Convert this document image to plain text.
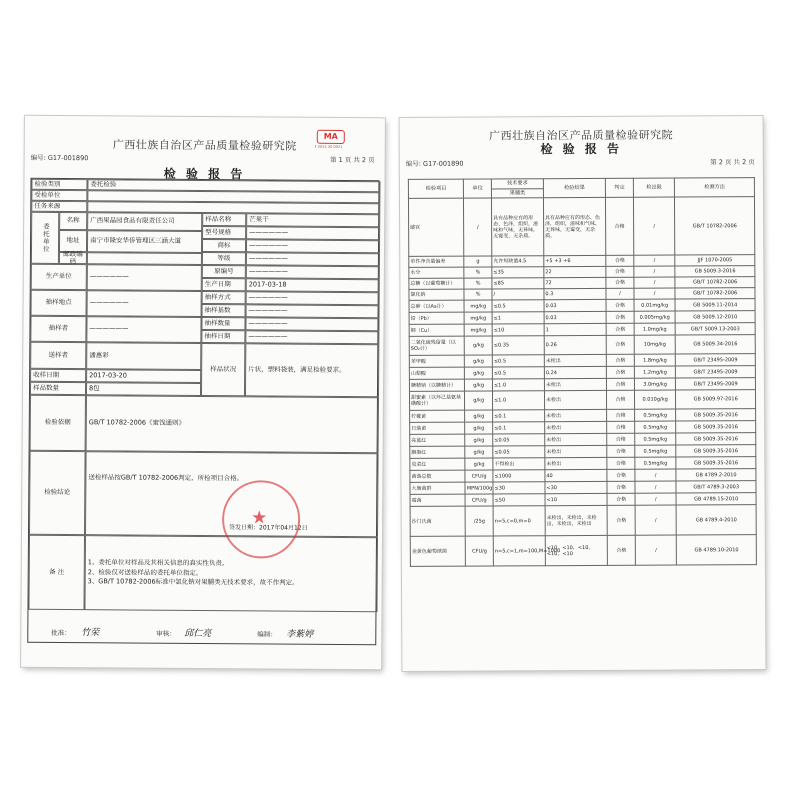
广西壮族自治区产品质量检验研究院
MA
F 2015 20 0021
编号: G17-001890	第 1 页 共 2 页
检 验 报 告
检验类别	委托检验
受检单位
任务来源
委托单位
名称	广西果晶园食品有限责任公司
地址	南宁市隆安华侨管理区三涵大道
邮政编码
样品名称	芒果干
型号规格	——————
商标	——————
等级	——————
生产单位	——————
原编号	——————
生产日期	2017-03-18
抽样地点	——————
抽样方式	——————
抽样基数	——————
抽样者	——————
抽样数量	——————
抽样日期	——————
送样者	潘惠彩
样品状况	片状，塑料袋装，满足检验要求。
收样日期	2017-03-20
样品数量	8包
检验依据	GB/T 10782-2006《蜜饯通则》
检验结论
送检样品按GB/T 10782-2006判定，所检项目合格。
签发日期：2017年04月12日
备 注
1、委托单位对样品及其相关信息的真实性负责。
2、检验仅对送检样品的委托单位指定。
3、GB/T 10782-2006标准中氯化钠对果脯类无技术要求，故不作判定。
★
批准： 竹荣	审核： 邱仁亮	编制： 李紫婷
广西壮族自治区产品质量检验研究院
检 验 报 告
编号: G17-001890	第 2 页 共 2 页
检验项目	单位	技术要求	检验结果	判定	检出限	检测方法
		果脯类				
感官	/	具有品种应有的形态、色泽，组织，滋味和气味，无异味，无霉变，无杂质。	具有品种应有的形态、色泽，组织，滋味和气味，无异味，无霉变，无杂质。	合格	/	GB/T 10782-2006
单件净含量偏差	g	允许短缺量4.5	+5 +3 +6	合格	/	JJF 1070-2005
水分	%	≤35	22	合格	/	GB 5009.3-2016
总糖（以葡萄糖计）	%	≤85	72	合格	/	GB/T 10782-2006
氯化钠	%	/	0.3	/	/	GB/T 10782-2006
总砷（以As计）	mg/kg	≤0.5	0.03	合格	0.01mg/kg	GB 5009.11-2014
铅（Pb）	mg/kg	≤1	0.03	合格	0.005mg/kg	GB 5009.12-2010
铜（Cu）	mg/kg	≤10	1	合格	1.0mg/kg	GB/T 5009.13-2003
二氧化硫残留量（以SO₂计）	g/kg	≤0.35	0.26	合格	10mg/kg	GB 5009.34-2016
苯甲酸	g/kg	≤0.5	未检出	合格	1.8mg/kg	GB/T 23495-2009
山梨酸	g/kg	≤0.5	0.24	合格	1.2mg/kg	GB/T 23495-2009
糖精钠（以糖精计）	g/kg	≤1.0	未检出	合格	3.0mg/kg	GB/T 23495-2009
甜蜜素（以环己基氨基磺酸计）	g/kg	≤1.0	未检出	合格	0.010g/kg	GB 5009.97-2016
柠檬黄	g/kg	≤0.1	未检出	合格	0.5mg/kg	GB 5009.35-2016
日落黄	g/kg	≤0.1	未检出	合格	0.5mg/kg	GB 5009.35-2016
亮蓝红	g/kg	≤0.05	未检出	合格	0.5mg/kg	GB 5009.35-2016
胭脂红	g/kg	≤0.05	未检出	合格	0.5mg/kg	GB 5009.35-2016
苋菜红	g/kg	不得检出	未检出	合格	0.5mg/kg	GB 5009.35-2016
菌落总数	CFU/g	≤1000	40	合格	/	GB 4789.2-2010
大肠菌群	MPN/100g	≤30	<30	合格	/	GB/T 4789.3-2003
霉菌	CFU/g	≤50	<10	合格	/	GB 4789.15-2010
沙门氏菌	/25g	n=5,c=0,m=0	未检出，未检出，未检出，未检出，未检出	合格	/	GB 4789.4-2010
金黄色葡萄球菌	CFU/g	n=5,c=1,m=100,M=1000	<10，<10，<10，<10，<10	合格	/	GB 4789.10-2010
